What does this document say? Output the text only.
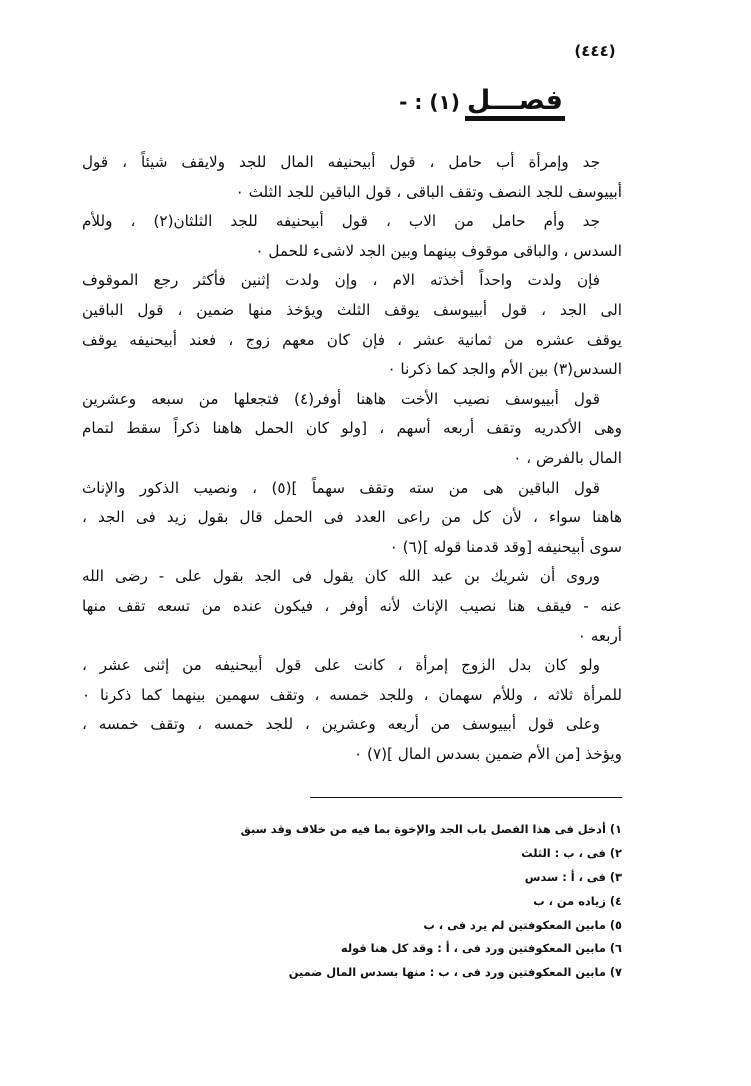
(٤٤٤)
فصـــل (١) : -
جد وإمرأة أب حامل ، قول أبيحنيفه المال للجد ولايقف شيئاً ، قول
أبييوسف للجد النصف وتقف الباقى ، قول الباقين للجد الثلث ٠
جد وأم حامل من الاب ، قول أبيحنيفه للجد الثلثان(٢) ، وللأم
السدس ، والباقى موقوف بينهما وبين الجد لاشىء للحمل ٠
فإن ولدت واحداً أخذته الام ، وإن ولدت إثنين فأكثر رجع الموقوف
الى الجد ، قول أبييوسف يوقف الثلث ويؤخذ منها ضمين ، قول الباقين
يوقف عشره من ثمانية عشر ، فإن كان معهم زوج ، فعند أبيحنيفه يوقف
السدس(٣) بين الأم والجد كما ذكرنا ٠
قول أبييوسف نصيب الأخت هاهنا أوفر(٤) فتجعلها من سبعه وعشرين
وهى الأكدريه وتقف أربعه أسهم ، [ولو كان الحمل هاهنا ذكراً سقط لتمام
المال بالفرض ، ٠
قول الباقين هى من سته وتقف سهماً ](٥) ، ونصيب الذكور والإناث
هاهنا سواء ، لأن كل من راعى العدد فى الحمل قال بقول زيد فى الجد ،
سوى أبيحنيفه [وقد قدمنا قوله ](٦) ٠
وروى أن شريك بن عبد الله كان يقول فى الجد بقول على - رضى الله
عنه - فيقف هنا نصيب الإناث لأنه أوفر ، فيكون عنده من تسعه تقف منها
أربعه ٠
ولو كان بدل الزوج إمرأة ، كانت على قول أبيحنيفه من إثنى عشر ،
للمرأة ثلاثه ، وللأم سهمان ، وللجد خمسه ، وتقف سهمين بينهما كما ذكرنا ٠
وعلى قول أبييوسف من أربعه وعشرين ، للجد خمسه ، وتقف خمسه ،
ويؤخذ [من الأم ضمين بسدس المال ](٧) ٠
١) أدخل فى هذا الفصل باب الجد والإخوة بما فيه من خلاف وقد سبق
٢) فى ، ب : الثلث
٣) فى ، أ : سدس
٤) زياده من ، ب
٥) مابين المعكوفتين لم يرد فى ، ب
٦) مابين المعكوفتين ورد فى ، أ : وقد كل هنا قوله
٧) مابين المعكوفتين ورد فى ، ب : منها بسدس المال ضمين
